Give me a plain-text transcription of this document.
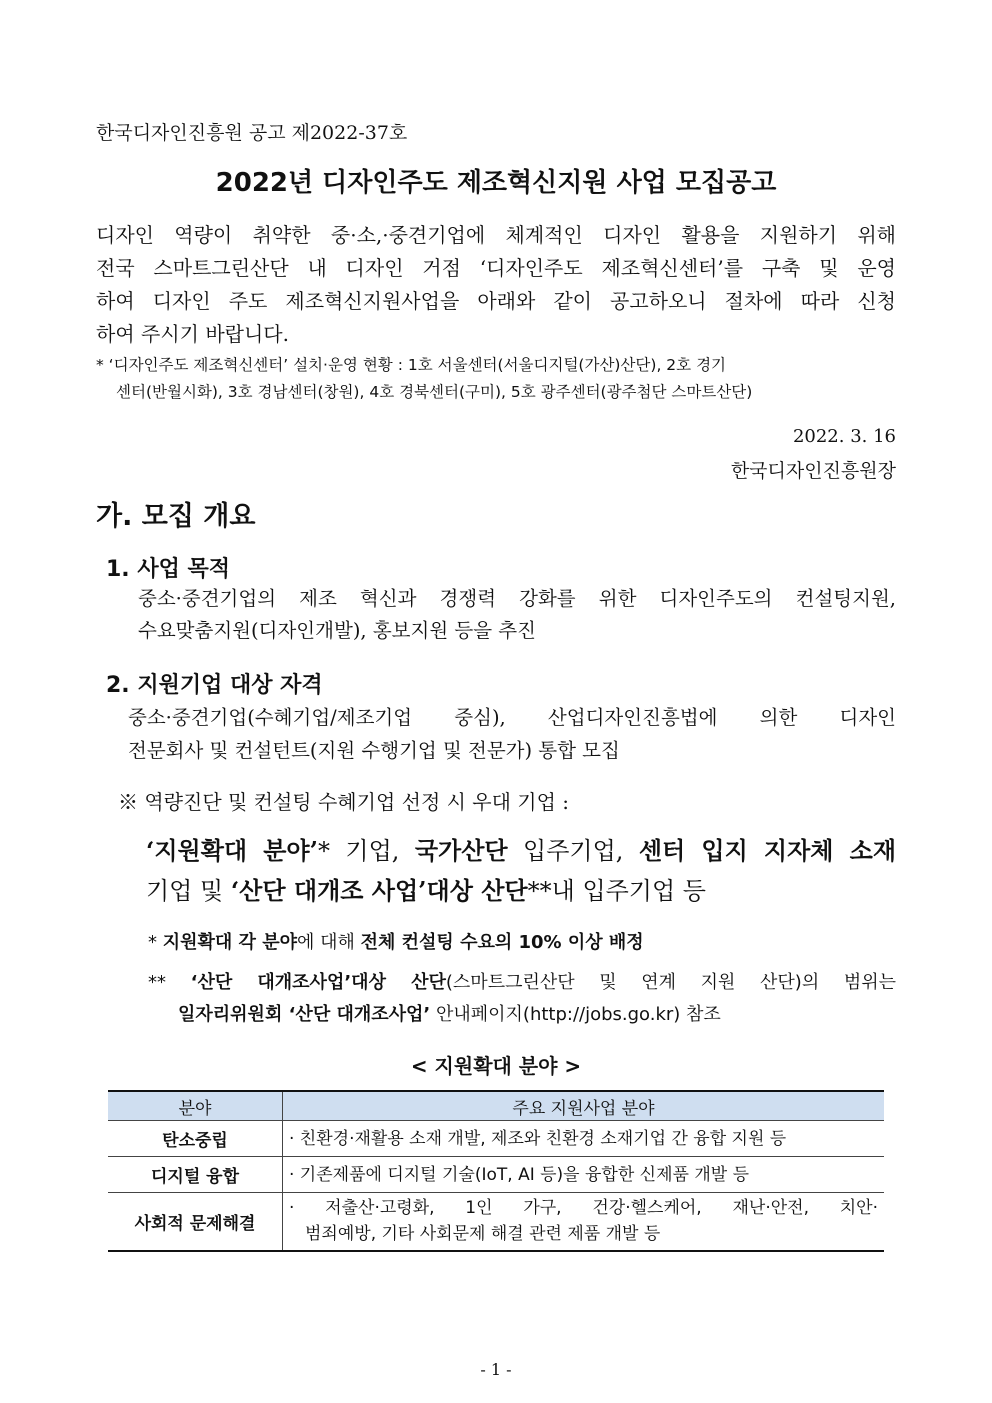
한국디자인진흥원 공고 제2022-37호
2022년 디자인주도 제조혁신지원 사업 모집공고
디자인 역량이 취약한 중·소,·중견기업에 체계적인 디자인 활용을 지원하기 위해
전국 스마트그린산단 내 디자인 거점 ‘디자인주도 제조혁신센터’를 구축 및 운영
하여 디자인 주도 제조혁신지원사업을 아래와 같이 공고하오니 절차에 따라 신청
하여 주시기 바랍니다.
* ‘디자인주도 제조혁신센터’ 설치·운영 현황 : 1호 서울센터(서울디지털(가산)산단), 2호 경기
센터(반월시화), 3호 경남센터(창원), 4호 경북센터(구미), 5호 광주센터(광주첨단 스마트산단)
2022. 3. 16
한국디자인진흥원장
가. 모집 개요
1. 사업 목적
중소·중견기업의 제조 혁신과 경쟁력 강화를 위한 디자인주도의 컨설팅지원,
수요맞춤지원(디자인개발), 홍보지원 등을 추진
2. 지원기업 대상 자격
중소·중견기업(수혜기업/제조기업 중심), 산업디자인진흥법에 의한 디자인
전문회사 및 컨설턴트(지원 수행기업 및 전문가) 통합 모집
※ 역량진단 및 컨설팅 수혜기업 선정 시 우대 기업 :
‘지원확대 분야’* 기업, 국가산단 입주기업, 센터 입지 지자체 소재
기업 및 ‘산단 대개조 사업’대상 산단**내 입주기업 등
* 지원확대 각 분야에 대해 전체 컨설팅 수요의 10% 이상 배정
** ‘산단 대개조사업’대상 산단(스마트그린산단 및 연계 지원 산단)의 범위는
일자리위원회 ‘산단 대개조사업’ 안내페이지(http://jobs.go.kr) 참조
< 지원확대 분야 >
분야	주요 지원사업 분야
탄소중립	· 친환경·재활용 소재 개발, 제조와 친환경 소재기업 간 융합 지원 등

디지털 융합	· 기존제품에 디지털 기술(IoT, AI 등)을 융합한 신제품 개발 등

사회적 문제해결	· 저출산·고령화, 1인 가구, 건강·헬스케어, 재난·안전, 치안·
범죄예방, 기타 사회문제 해결 관련 제품 개발 등
- 1 -
